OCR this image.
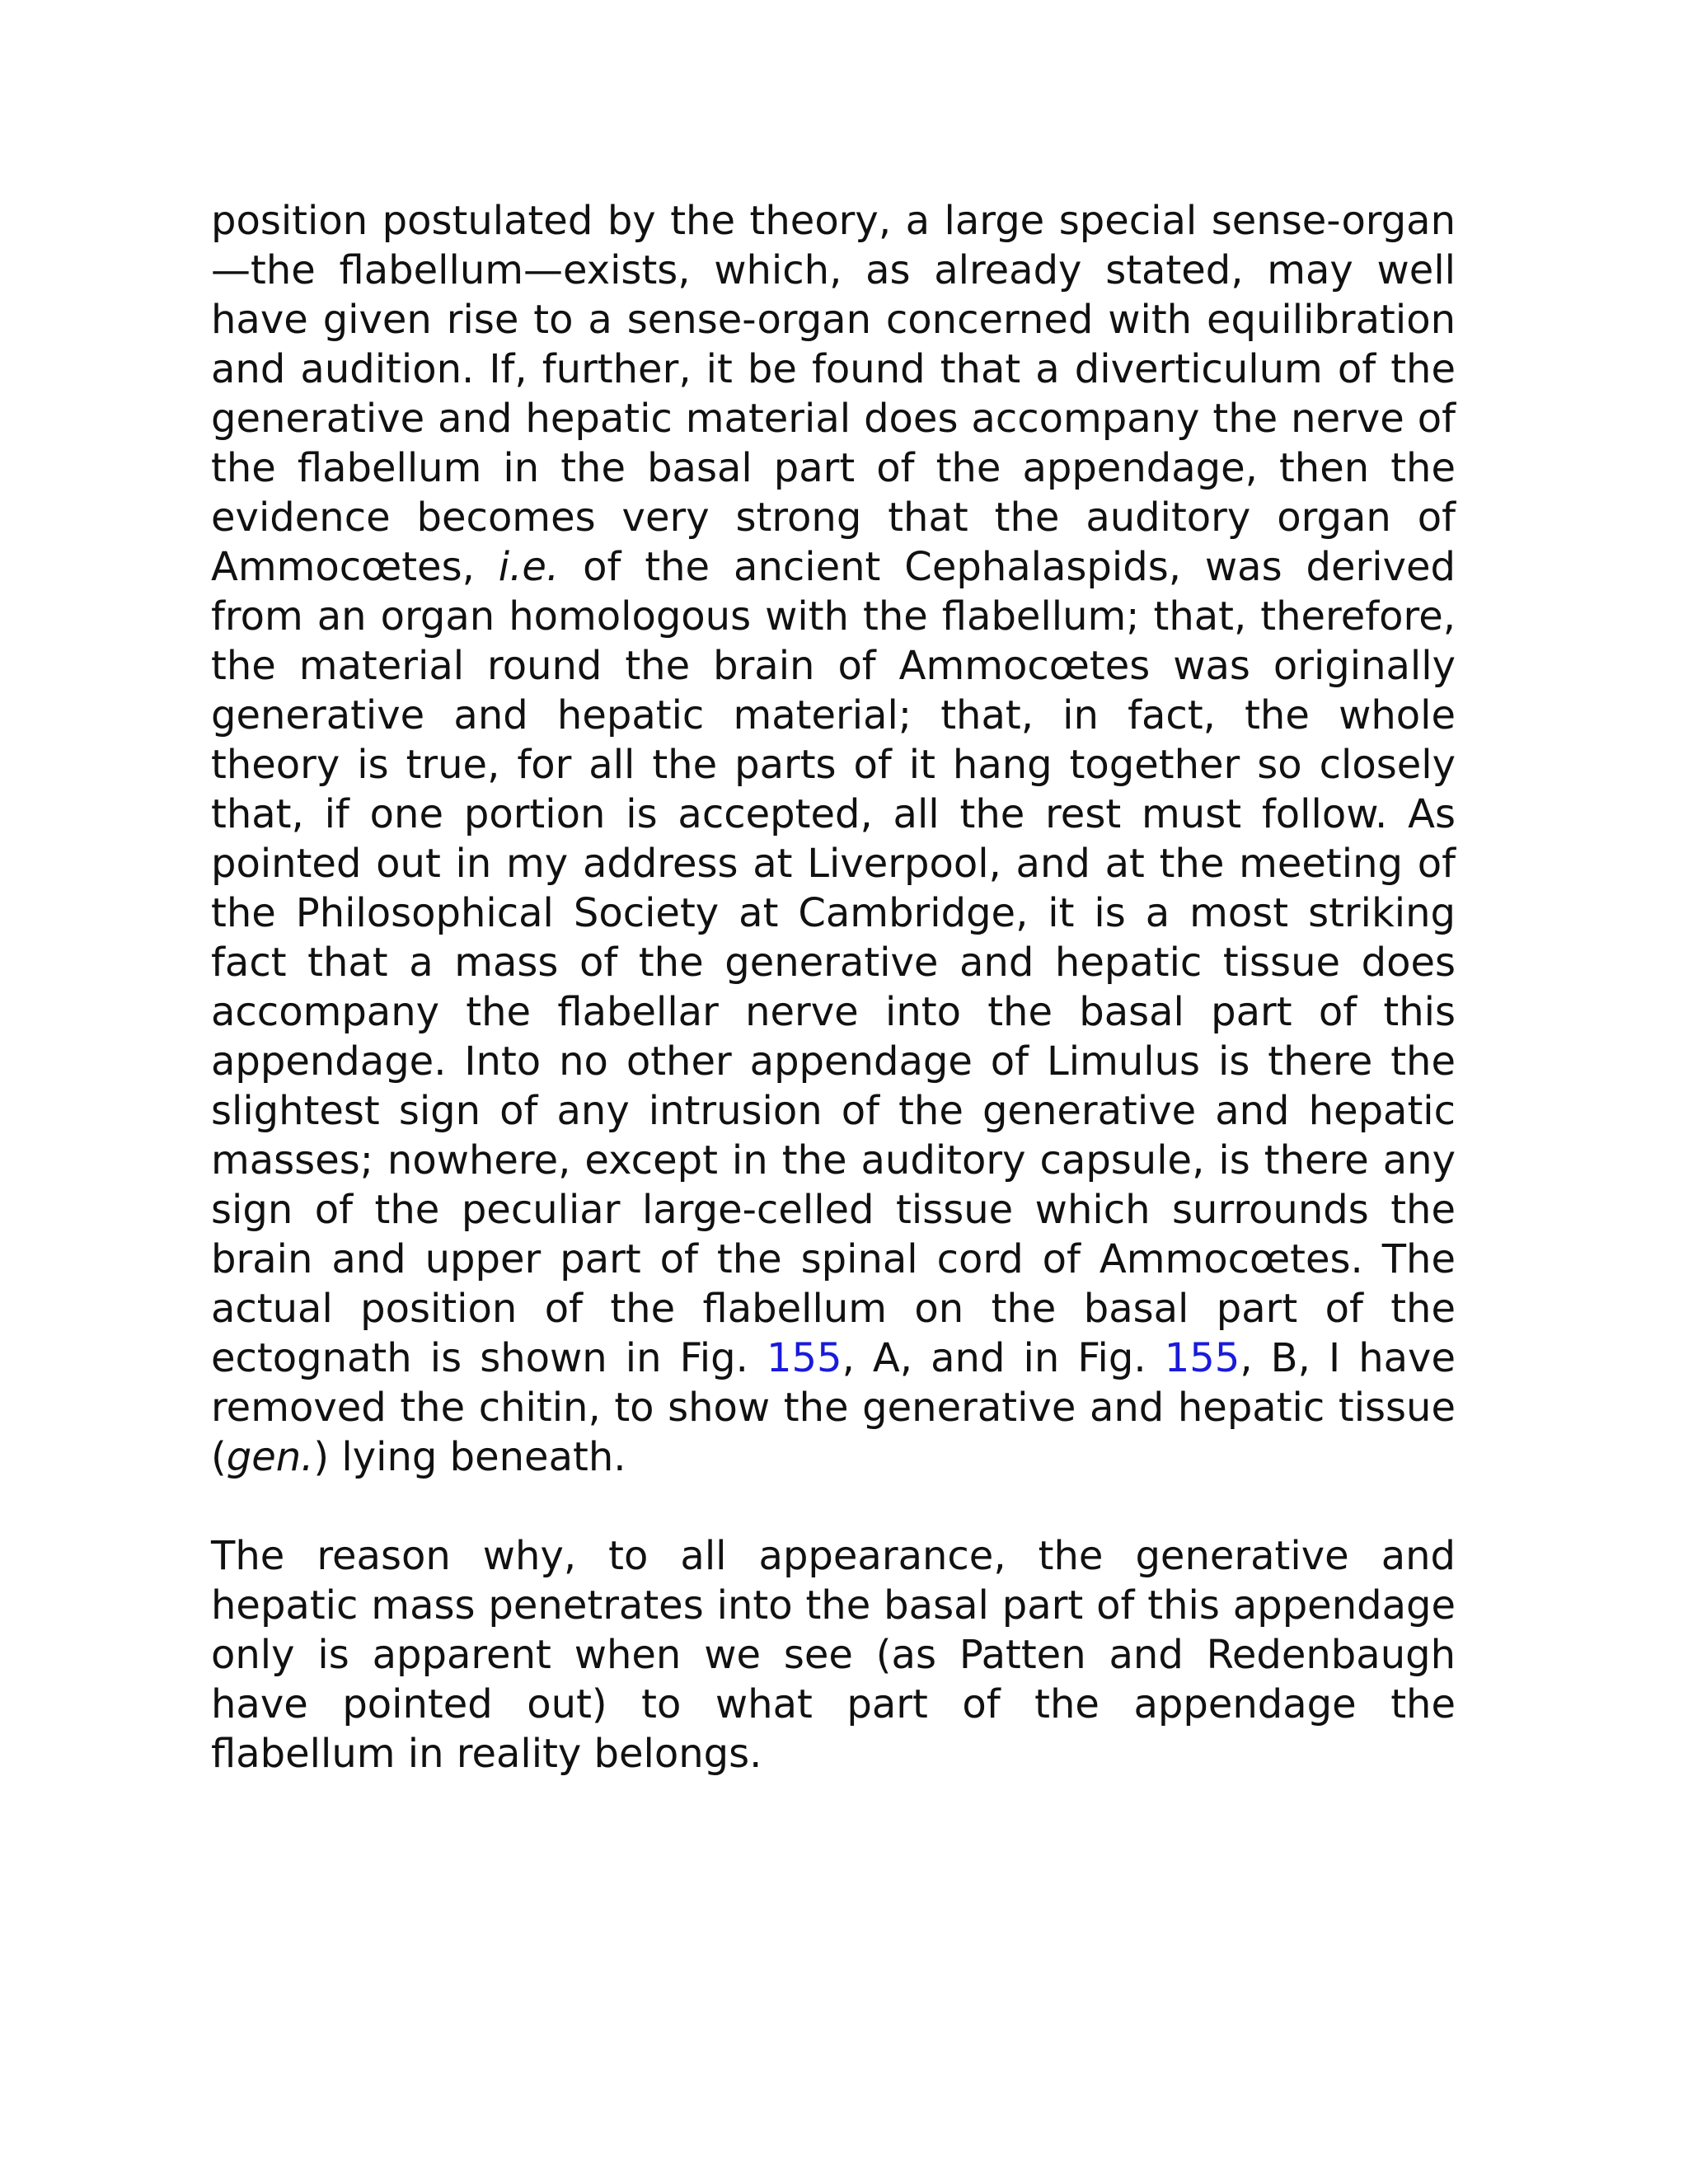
position postulated by the theory, a large special sense-organ—the flabellum—exists, which, as already stated, may well have given rise to a sense-organ concerned with equilibration and audition. If, further, it be found that a diverticulum of the generative and hepatic material does accompany the nerve of the flabellum in the basal part of the appendage, then the evidence becomes very strong that the auditory organ of Ammocœtes, i.e. of the ancient Cephalaspids, was derived from an organ homologous with the flabellum; that, therefore, the material round the brain of Ammocœtes was originally generative and hepatic material; that, in fact, the whole theory is true, for all the parts of it hang together so closely that, if one portion is accepted, all the rest must follow. As pointed out in my address at Liverpool, and at the meeting of the Philosophical Society at Cambridge, it is a most striking fact that a mass of the generative and hepatic tissue does accompany the flabellar nerve into the basal part of this appendage. Into no other appendage of Limulus is there the slightest sign of any intrusion of the generative and hepatic masses; nowhere, except in the auditory capsule, is there any sign of the peculiar large-celled tissue which surrounds the brain and upper part of the spinal cord of Ammocœtes. The actual position of the flabellum on the basal part of the ectognath is shown in Fig. 155, A, and in Fig. 155, B, I have removed the chitin, to show the generative and hepatic tissue (gen.) lying beneath.

The reason why, to all appearance, the generative and hepatic mass penetrates into the basal part of this appendage only is apparent when we see (as Patten and Redenbaugh have pointed out) to what part of the appendage the flabellum in reality belongs.
